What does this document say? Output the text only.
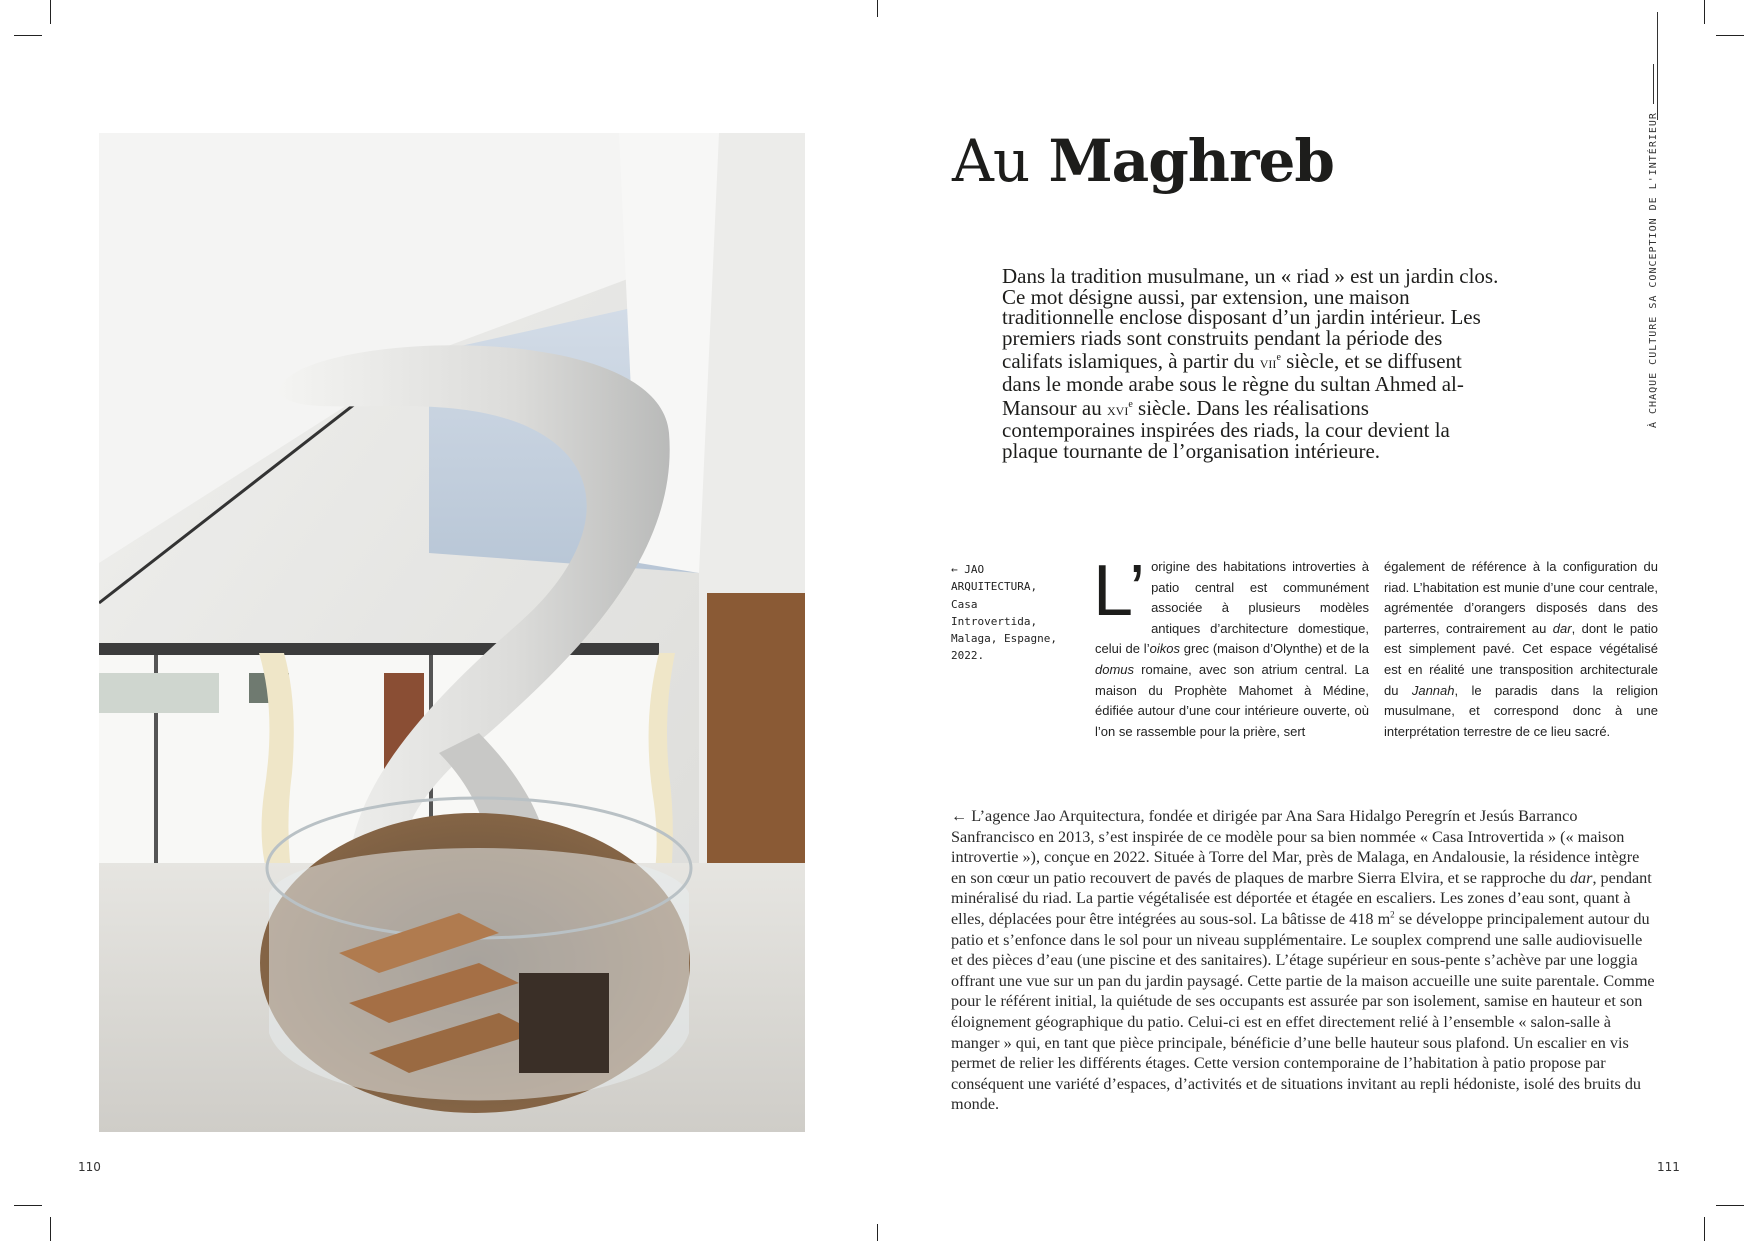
110	111
À CHAQUE CULTURE SA CONCEPTION DE L'INTÉRIEUR
Au Maghreb

Dans la tradition musulmane, un « riad » est un jardin clos. Ce mot désigne aussi, par extension, une maison traditionnelle enclose disposant d’un jardin intérieur. Les premiers riads sont construits pendant la période des califats islamiques, à partir du vii$^e$ siècle, et se diffusent dans le monde arabe sous le règne du sultan Ahmed al-Mansour au xvi$^e$ siècle. Dans les réalisations contemporaines inspirées des riads, la cour devient la plaque tournante de l’organisation intérieure.

← JAO ARQUITECTURA, Casa Introvertida, Malaga, Espagne, 2022.

L’ origine des habitations introverties à patio central est communément associée à plusieurs modèles antiques d’architecture domestique, celui de l’oikos grec (maison d’Olynthe) et de la domus romaine, avec son atrium central. La maison du Prophète Mahomet à Médine, édifiée autour d’une cour intérieure ouverte, où l’on se rassemble pour la prière, sert

également de référence à la configuration du riad. L’habitation est munie d’une cour centrale, agrémentée d’orangers disposés dans des parterres, contrairement au dar, dont le patio est simplement pavé. Cet espace végétalisé est en réalité une transposition architecturale du Jannah, le paradis dans la religion musulmane, et correspond donc à une interprétation terrestre de ce lieu sacré.

← L’agence Jao Arquitectura, fondée et dirigée par Ana Sara Hidalgo Peregrín et Jesús Barranco Sanfrancisco en 2013, s’est inspirée de ce modèle pour sa bien nommée « Casa Introvertida » (« maison introvertie »), conçue en 2022. Située à Torre del Mar, près de Malaga, en Andalousie, la résidence intègre en son cœur un patio recouvert de pavés de plaques de marbre Sierra Elvira, et se rapproche du dar, pendant minéralisé du riad. La partie végétalisée est déportée et étagée en escaliers. Les zones d’eau sont, quant à elles, déplacées pour être intégrées au sous-sol. La bâtisse de 418 $m^2$ se développe principalement autour du patio et s’enfonce dans le sol pour un niveau supplémentaire. Le souplex comprend une salle audiovisuelle et des pièces d’eau (une piscine et des sanitaires). L’étage supérieur en sous-pente s’achève par une loggia offrant une vue sur un pan du jardin paysagé. Cette partie de la maison accueille une suite parentale. Comme pour le référent initial, la quiétude de ses occupants est assurée par son isolement, samise en hauteur et son éloignement géographique du patio. Celui-ci est en effet directement relié à l’ensemble « salon-salle à manger » qui, en tant que pièce principale, bénéficie d’une belle hauteur sous plafond. Un escalier en vis permet de relier les différents étages. Cette version contemporaine de l’habitation à patio propose par conséquent une variété d’espaces, d’activités et de situations invitant au repli hédoniste, isolé des bruits du monde.
